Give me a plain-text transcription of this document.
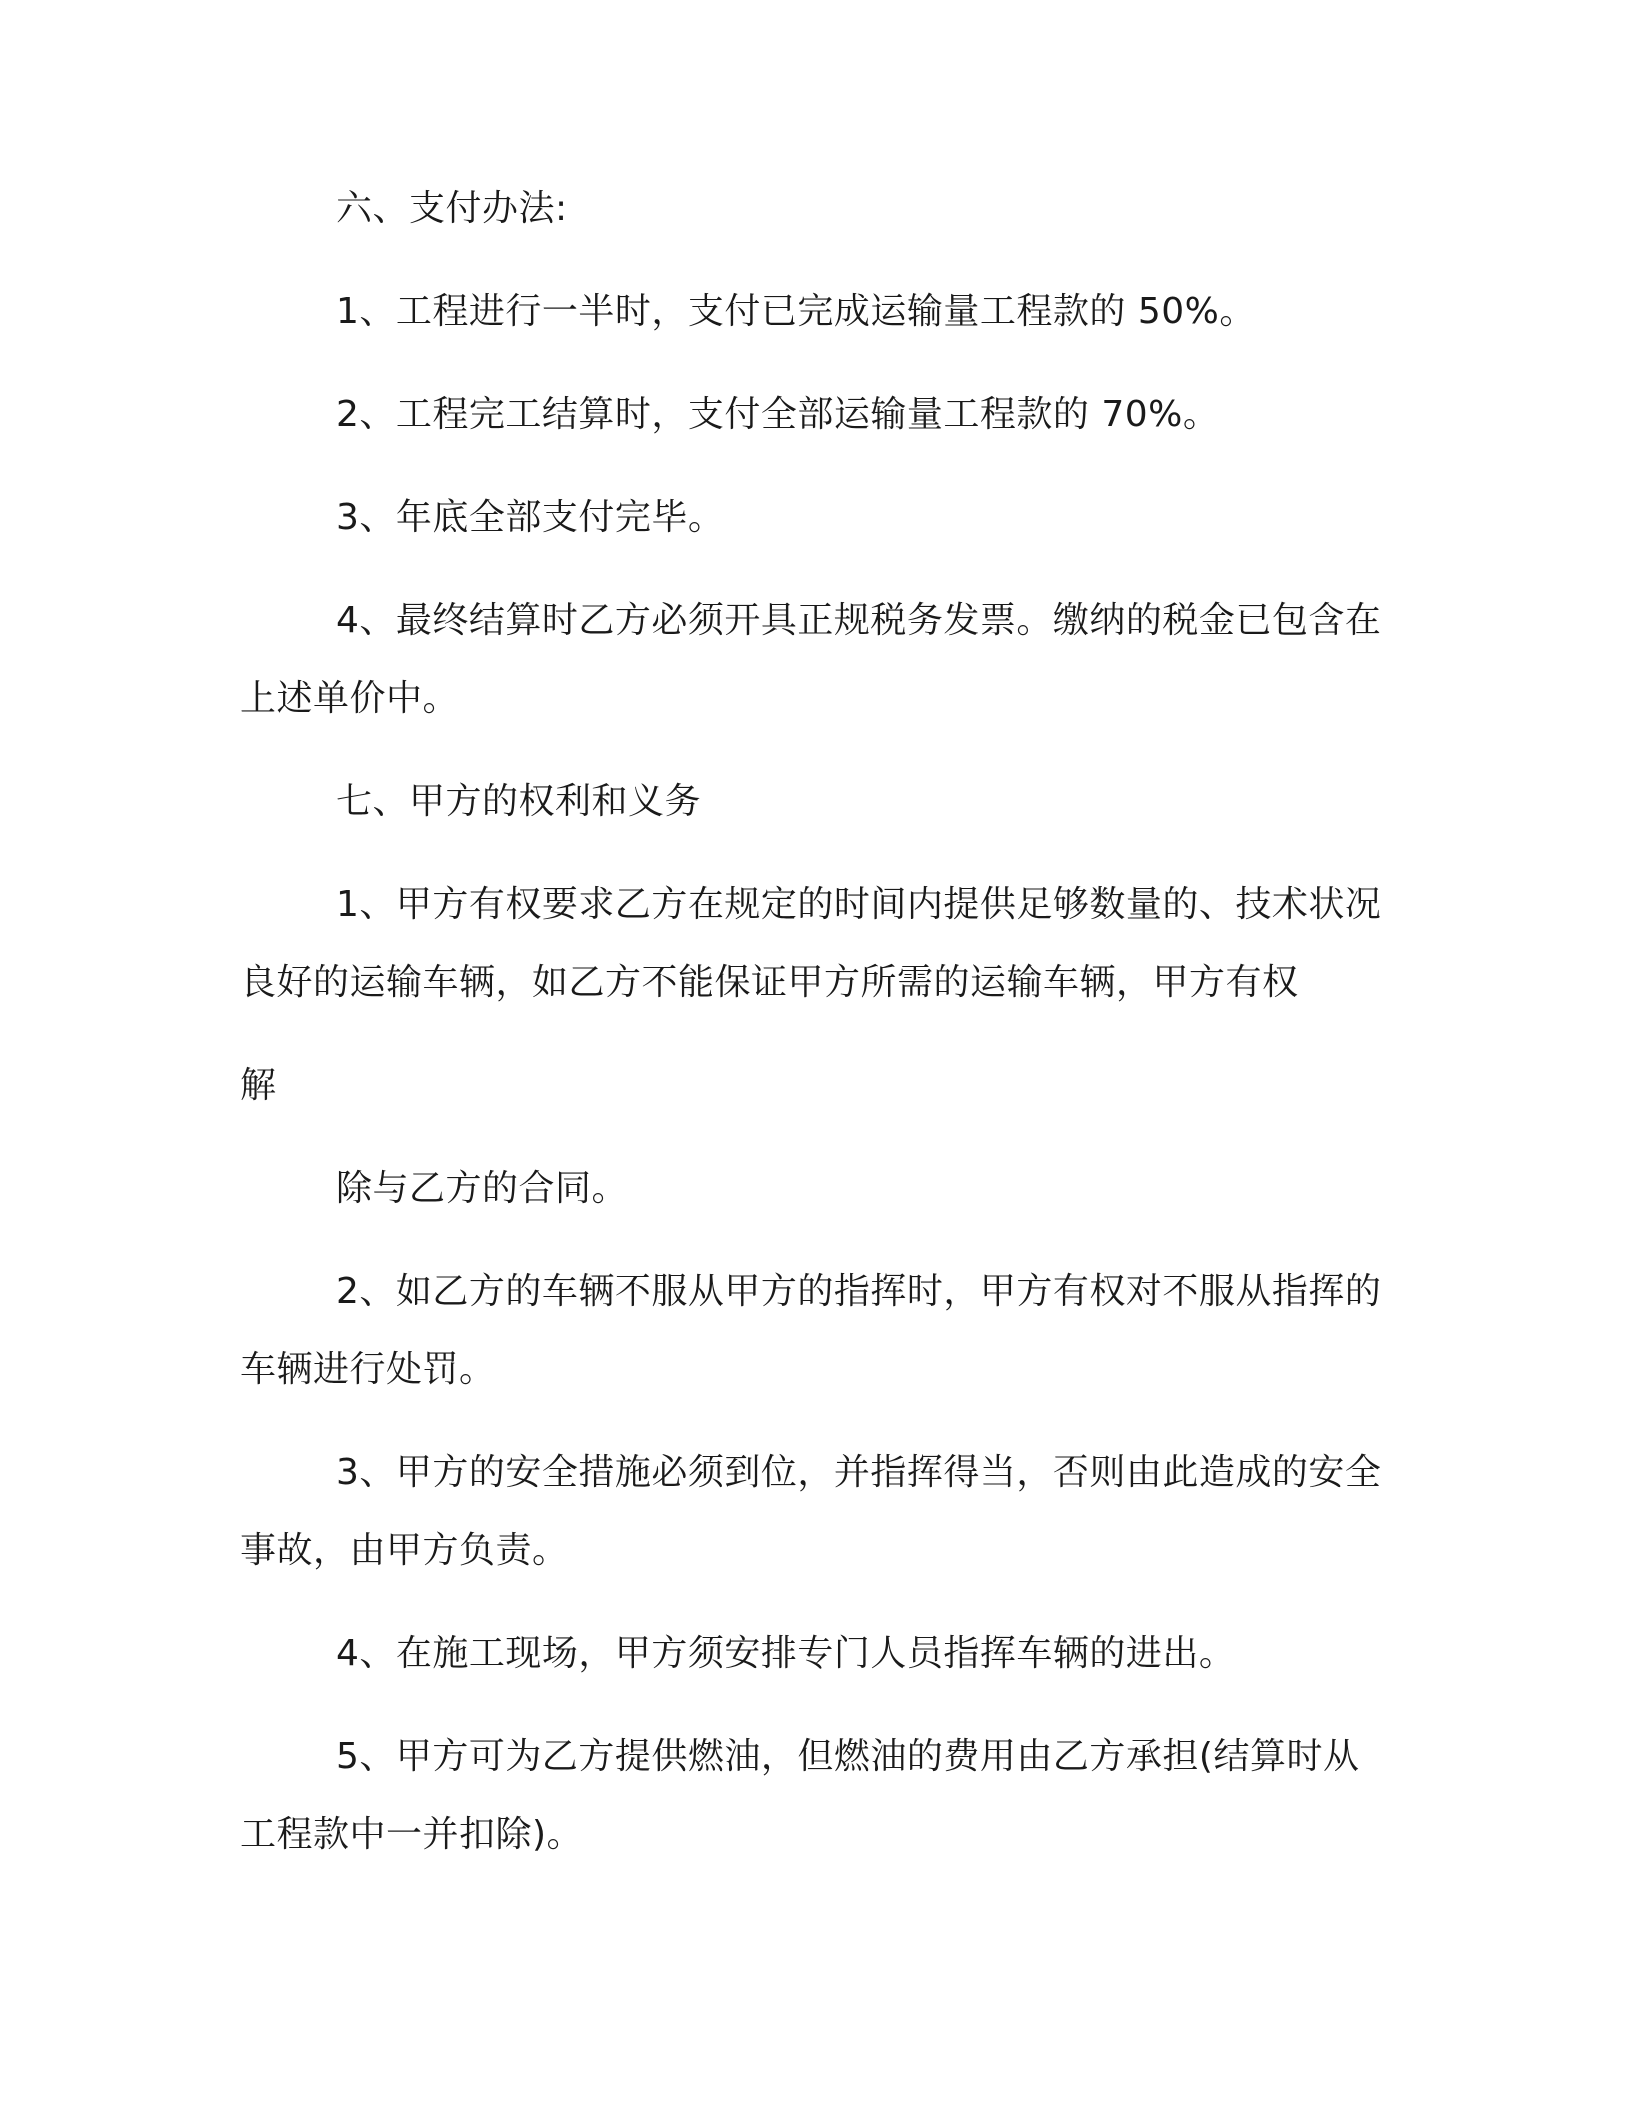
六、支付办法:

1、工程进行一半时，支付已完成运输量工程款的 50%。

2、工程完工结算时，支付全部运输量工程款的 70%。

3、年底全部支付完毕。

4、最终结算时乙方必须开具正规税务发票。缴纳的税金已包含在上述单价中。

七、甲方的权利和义务

1、甲方有权要求乙方在规定的时间内提供足够数量的、技术状况良好的运输车辆，如乙方不能保证甲方所需的运输车辆，甲方有权

解

除与乙方的合同。

2、如乙方的车辆不服从甲方的指挥时，甲方有权对不服从指挥的车辆进行处罚。

3、甲方的安全措施必须到位，并指挥得当，否则由此造成的安全事故，由甲方负责。

4、在施工现场，甲方须安排专门人员指挥车辆的进出。

5、甲方可为乙方提供燃油，但燃油的费用由乙方承担(结算时从工程款中一并扣除)。
